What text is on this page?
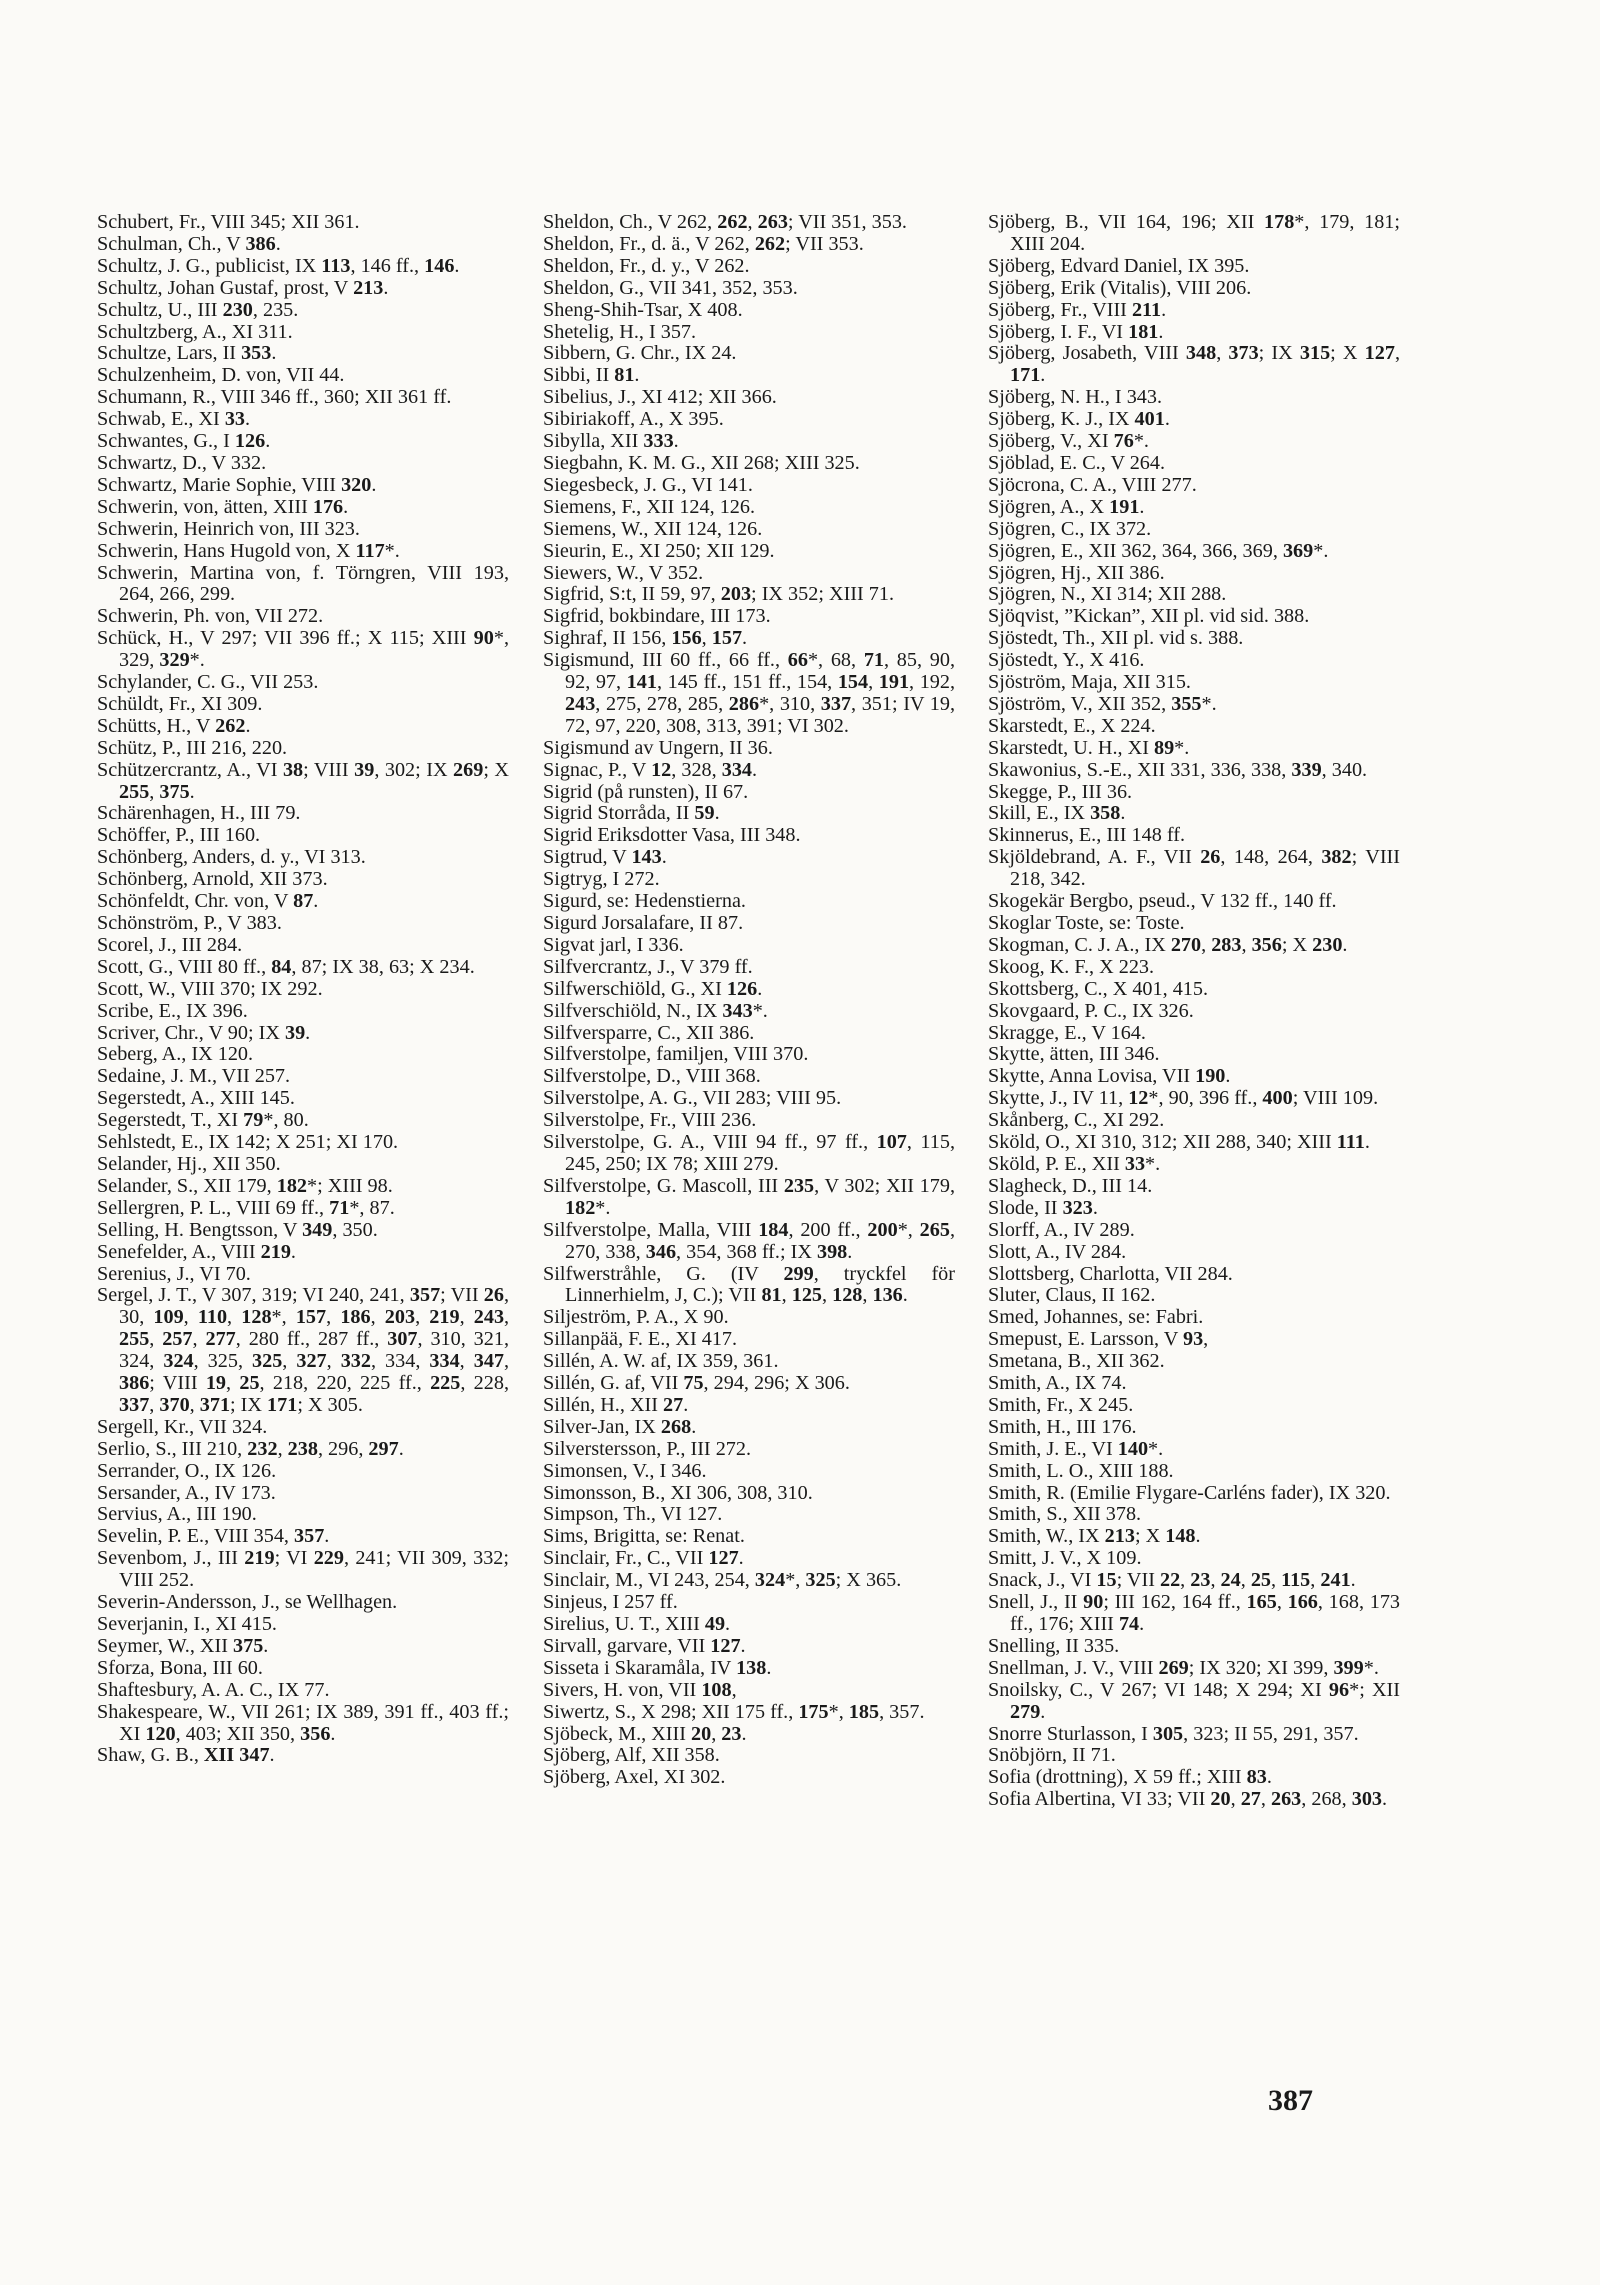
Schubert, Fr., VIII 345; XII 361.

Schulman, Ch., V 386.

Schultz, J. G., publicist, IX 113, 146 ff., 146.

Schultz, Johan Gustaf, prost, V 213.

Schultz, U., III 230, 235.

Schultzberg, A., XI 311.

Schultze, Lars, II 353.

Schulzenheim, D. von, VII 44.

Schumann, R., VIII 346 ff., 360; XII 361 ff.

Schwab, E., XI 33.

Schwantes, G., I 126.

Schwartz, D., V 332.

Schwartz, Marie Sophie, VIII 320.

Schwerin, von, ätten, XIII 176.

Schwerin, Heinrich von, III 323.

Schwerin, Hans Hugold von, X 117*.

Schwerin, Martina von, f. Törngren, VIII 193, 264, 266, 299.

Schwerin, Ph. von, VII 272.

Schück, H., V 297; VII 396 ff.; X 115; XIII 90*, 329, 329*.

Schylander, C. G., VII 253.

Schüldt, Fr., XI 309.

Schütts, H., V 262.

Schütz, P., III 216, 220.

Schützercrantz, A., VI 38; VIII 39, 302; IX 269; X 255, 375.

Schärenhagen, H., III 79.

Schöffer, P., III 160.

Schönberg, Anders, d. y., VI 313.

Schönberg, Arnold, XII 373.

Schönfeldt, Chr. von, V 87.

Schönström, P., V 383.

Scorel, J., III 284.

Scott, G., VIII 80 ff., 84, 87; IX 38, 63; X 234.

Scott, W., VIII 370; IX 292.

Scribe, E., IX 396.

Scriver, Chr., V 90; IX 39.

Seberg, A., IX 120.

Sedaine, J. M., VII 257.

Segerstedt, A., XIII 145.

Segerstedt, T., XI 79*, 80.

Sehlstedt, E., IX 142; X 251; XI 170.

Selander, Hj., XII 350.

Selander, S., XII 179, 182*; XIII 98.

Sellergren, P. L., VIII 69 ff., 71*, 87.

Selling, H. Bengtsson, V 349, 350.

Senefelder, A., VIII 219.

Serenius, J., VI 70.

Sergel, J. T., V 307, 319; VI 240, 241, 357; VII 26, 30, 109, 110, 128*, 157, 186, 203, 219, 243, 255, 257, 277, 280 ff., 287 ff., 307, 310, 321, 324, 324, 325, 325, 327, 332, 334, 334, 347, 386; VIII 19, 25, 218, 220, 225 ff., 225, 228, 337, 370, 371; IX 171; X 305.

Sergell, Kr., VII 324.

Serlio, S., III 210, 232, 238, 296, 297.

Serrander, O., IX 126.

Sersander, A., IV 173.

Servius, A., III 190.

Sevelin, P. E., VIII 354, 357.

Sevenbom, J., III 219; VI 229, 241; VII 309, 332; VIII 252.

Severin-Andersson, J., se Wellhagen.

Severjanin, I., XI 415.

Seymer, W., XII 375.

Sforza, Bona, III 60.

Shaftesbury, A. A. C., IX 77.

Shakespeare, W., VII 261; IX 389, 391 ff., 403 ff.; XI 120, 403; XII 350, 356.

Shaw, G. B., XII 347.

Sheldon, Ch., V 262, 262, 263; VII 351, 353.

Sheldon, Fr., d. ä., V 262, 262; VII 353.

Sheldon, Fr., d. y., V 262.

Sheldon, G., VII 341, 352, 353.

Sheng-Shih-Tsar, X 408.

Shetelig, H., I 357.

Sibbern, G. Chr., IX 24.

Sibbi, II 81.

Sibelius, J., XI 412; XII 366.

Sibiriakoff, A., X 395.

Sibylla, XII 333.

Siegbahn, K. M. G., XII 268; XIII 325.

Siegesbeck, J. G., VI 141.

Siemens, F., XII 124, 126.

Siemens, W., XII 124, 126.

Sieurin, E., XI 250; XII 129.

Siewers, W., V 352.

Sigfrid, S:t, II 59, 97, 203; IX 352; XIII 71.

Sigfrid, bokbindare, III 173.

Sighraf, II 156, 156, 157.

Sigismund, III 60 ff., 66 ff., 66*, 68, 71, 85, 90, 92, 97, 141, 145 ff., 151 ff., 154, 154, 191, 192, 243, 275, 278, 285, 286*, 310, 337, 351; IV 19, 72, 97, 220, 308, 313, 391; VI 302.

Sigismund av Ungern, II 36.

Signac, P., V 12, 328, 334.

Sigrid (på runsten), II 67.

Sigrid Storråda, II 59.

Sigrid Eriksdotter Vasa, III 348.

Sigtrud, V 143.

Sigtryg, I 272.

Sigurd, se: Hedenstierna.

Sigurd Jorsalafare, II 87.

Sigvat jarl, I 336.

Silfvercrantz, J., V 379 ff.

Silfwerschiöld, G., XI 126.

Silfverschiöld, N., IX 343*.

Silfversparre, C., XII 386.

Silfverstolpe, familjen, VIII 370.

Silfverstolpe, D., VIII 368.

Silverstolpe, A. G., VII 283; VIII 95.

Silverstolpe, Fr., VIII 236.

Silverstolpe, G. A., VIII 94 ff., 97 ff., 107, 115, 245, 250; IX 78; XIII 279.

Silfverstolpe, G. Mascoll, III 235, V 302; XII 179, 182*.

Silfverstolpe, Malla, VIII 184, 200 ff., 200*, 265, 270, 338, 346, 354, 368 ff.; IX 398.

Silfwerstråhle, G. (IV 299, tryckfel för Linnerhielm, J, C.); VII 81, 125, 128, 136.

Siljeström, P. A., X 90.

Sillanpää, F. E., XI 417.

Sillén, A. W. af, IX 359, 361.

Sillén, G. af, VII 75, 294, 296; X 306.

Sillén, H., XII 27.

Silver-Jan, IX 268.

Silverstersson, P., III 272.

Simonsen, V., I 346.

Simonsson, B., XI 306, 308, 310.

Simpson, Th., VI 127.

Sims, Brigitta, se: Renat.

Sinclair, Fr., C., VII 127.

Sinclair, M., VI 243, 254, 324*, 325; X 365.

Sinjeus, I 257 ff.

Sirelius, U. T., XIII 49.

Sirvall, garvare, VII 127.

Sisseta i Skaramåla, IV 138.

Sivers, H. von, VII 108,

Siwertz, S., X 298; XII 175 ff., 175*, 185, 357.

Sjöbeck, M., XIII 20, 23.

Sjöberg, Alf, XII 358.

Sjöberg, Axel, XI 302.

Sjöberg, B., VII 164, 196; XII 178*, 179, 181; XIII 204.

Sjöberg, Edvard Daniel, IX 395.

Sjöberg, Erik (Vitalis), VIII 206.

Sjöberg, Fr., VIII 211.

Sjöberg, I. F., VI 181.

Sjöberg, Josabeth, VIII 348, 373; IX 315; X 127, 171.

Sjöberg, N. H., I 343.

Sjöberg, K. J., IX 401.

Sjöberg, V., XI 76*.

Sjöblad, E. C., V 264.

Sjöcrona, C. A., VIII 277.

Sjögren, A., X 191.

Sjögren, C., IX 372.

Sjögren, E., XII 362, 364, 366, 369, 369*.

Sjögren, Hj., XII 386.

Sjögren, N., XI 314; XII 288.

Sjöqvist, ”Kickan”, XII pl. vid sid. 388.

Sjöstedt, Th., XII pl. vid s. 388.

Sjöstedt, Y., X 416.

Sjöström, Maja, XII 315.

Sjöström, V., XII 352, 355*.

Skarstedt, E., X 224.

Skarstedt, U. H., XI 89*.

Skawonius, S.-E., XII 331, 336, 338, 339, 340.

Skegge, P., III 36.

Skill, E., IX 358.

Skinnerus, E., III 148 ff.

Skjöldebrand, A. F., VII 26, 148, 264, 382; VIII 218, 342.

Skogekär Bergbo, pseud., V 132 ff., 140 ff.

Skoglar Toste, se: Toste.

Skogman, C. J. A., IX 270, 283, 356; X 230.

Skoog, K. F., X 223.

Skottsberg, C., X 401, 415.

Skovgaard, P. C., IX 326.

Skragge, E., V 164.

Skytte, ätten, III 346.

Skytte, Anna Lovisa, VII 190.

Skytte, J., IV 11, 12*, 90, 396 ff., 400; VIII 109.

Skånberg, C., XI 292.

Sköld, O., XI 310, 312; XII 288, 340; XIII 111.

Sköld, P. E., XII 33*.

Slagheck, D., III 14.

Slode, II 323.

Slorff, A., IV 289.

Slott, A., IV 284.

Slottsberg, Charlotta, VII 284.

Sluter, Claus, II 162.

Smed, Johannes, se: Fabri.

Smepust, E. Larsson, V 93,

Smetana, B., XII 362.

Smith, A., IX 74.

Smith, Fr., X 245.

Smith, H., III 176.

Smith, J. E., VI 140*.

Smith, L. O., XIII 188.

Smith, R. (Emilie Flygare-Carléns fader), IX 320.

Smith, S., XII 378.

Smith, W., IX 213; X 148.

Smitt, J. V., X 109.

Snack, J., VI 15; VII 22, 23, 24, 25, 115, 241.

Snell, J., II 90; III 162, 164 ff., 165, 166, 168, 173 ff., 176; XIII 74.

Snelling, II 335.

Snellman, J. V., VIII 269; IX 320; XI 399, 399*.

Snoilsky, C., V 267; VI 148; X 294; XI 96*; XII 279.

Snorre Sturlasson, I 305, 323; II 55, 291, 357.

Snöbjörn, II 71.

Sofia (drottning), X 59 ff.; XIII 83.

Sofia Albertina, VI 33; VII 20, 27, 263, 268, 303.

387
